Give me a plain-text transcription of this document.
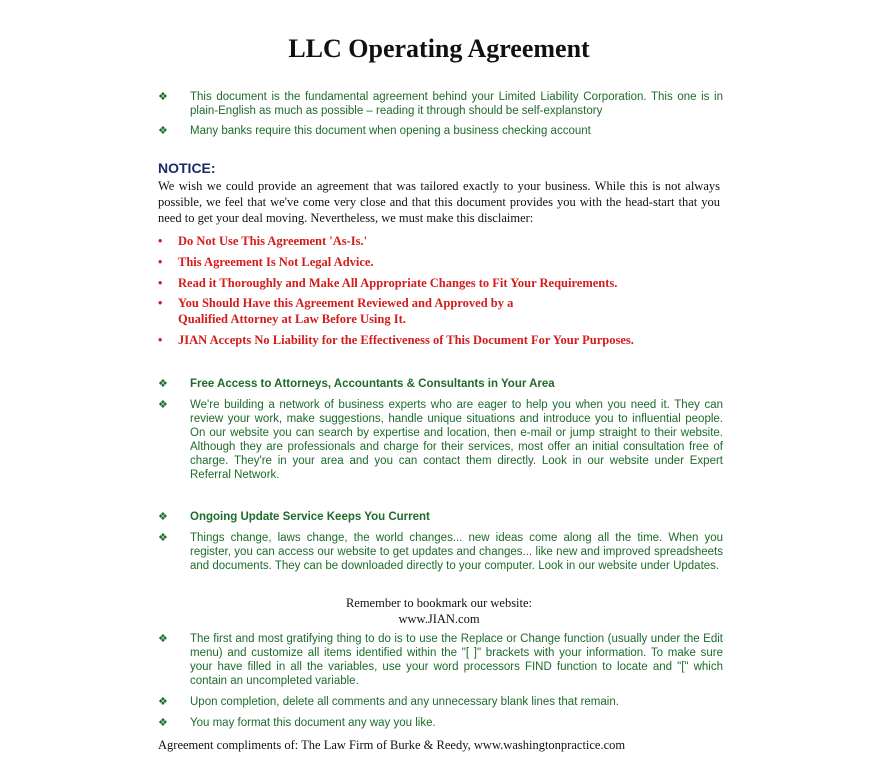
LLC Operating Agreement
❖ This document is the fundamental agreement behind your Limited Liability Corporation. This one is in plain-English as much as possible – reading it through should be self-explanstory
❖ Many banks require this document when opening a business checking account
NOTICE:
We wish we could provide an agreement that was tailored exactly to your business. While this is not always possible, we feel that we've come very close and that this document provides you with the head-start that you need to get your deal moving. Nevertheless, we must make this disclaimer:
• Do Not Use This Agreement 'As-Is.'
• This Agreement Is Not Legal Advice.
• Read it Thoroughly and Make All Appropriate Changes to Fit Your Requirements.
• You Should Have this Agreement Reviewed and Approved by a Qualified Attorney at Law Before Using It.
• JIAN Accepts No Liability for the Effectiveness of This Document For Your Purposes.
❖ Free Access to Attorneys, Accountants & Consultants in Your Area
❖ We're building a network of business experts who are eager to help you when you need it. They can review your work, make suggestions, handle unique situations and introduce you to influential people. On our website you can search by expertise and location, then e-mail or jump straight to their website. Although they are professionals and charge for their services, most offer an initial consultation free of charge. They're in your area and you can contact them directly. Look in our website under Expert Referral Network.
❖ Ongoing Update Service Keeps You Current
❖ Things change, laws change, the world changes... new ideas come along all the time. When you register, you can access our website to get updates and changes... like new and improved spreadsheets and documents. They can be downloaded directly to your computer. Look in our website under Updates.
Remember to bookmark our website:
www.JIAN.com
❖ The first and most gratifying thing to do is to use the Replace or Change function (usually under the Edit menu) and customize all items identified within the "[ ]" brackets with your information. To make sure your have filled in all the variables, use your word processors FIND function to locate and "[" which contain an uncompleted variable.
❖ Upon completion, delete all comments and any unnecessary blank lines that remain.
❖ You may format this document any way you like.
Agreement compliments of: The Law Firm of Burke & Reedy, www.washingtonpractice.com
